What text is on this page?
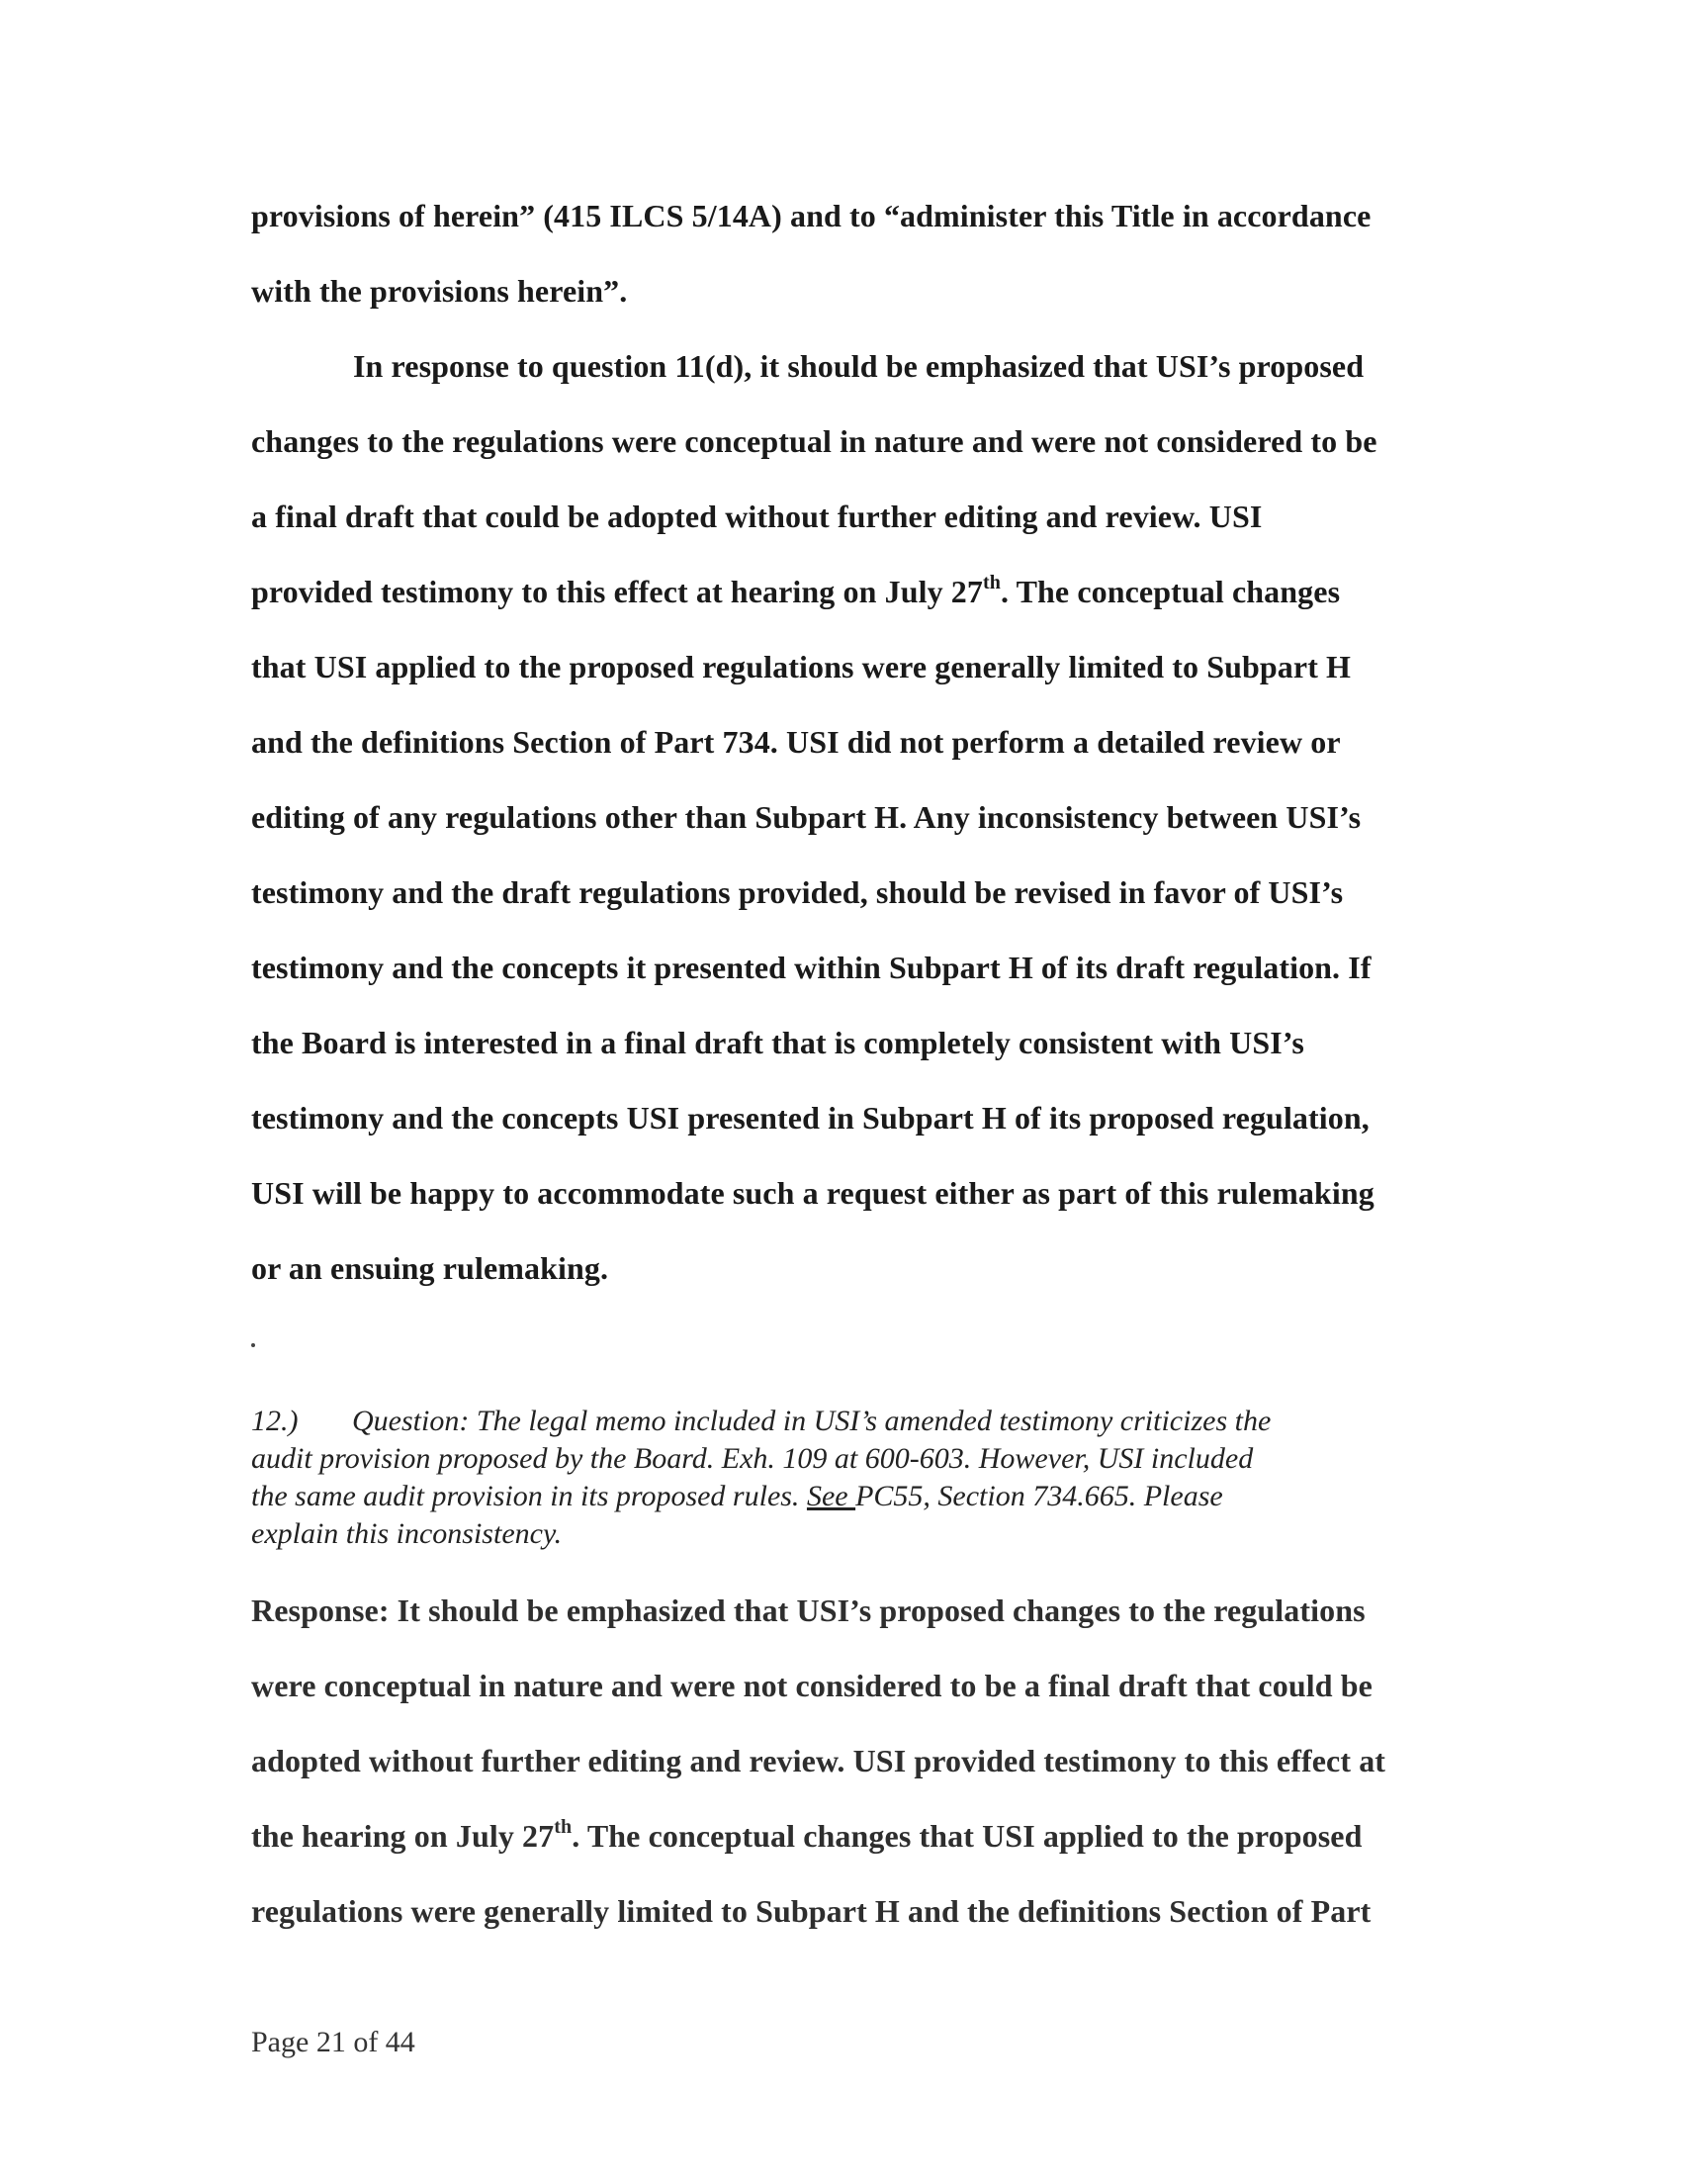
provisions of herein” (415 ILCS 5/14A) and to “administer this Title in accordance
with the provisions herein”.
In response to question 11(d), it should be emphasized that USI’s proposed
changes to the regulations were conceptual in nature and were not considered to be
a final draft that could be adopted without further editing and review. USI
provided testimony to this effect at hearing on July 27th. The conceptual changes
that USI applied to the proposed regulations were generally limited to Subpart H
and the definitions Section of Part 734. USI did not perform a detailed review or
editing of any regulations other than Subpart H. Any inconsistency between USI’s
testimony and the draft regulations provided, should be revised in favor of USI’s
testimony and the concepts it presented within Subpart H of its draft regulation. If
the Board is interested in a final draft that is completely consistent with USI’s
testimony and the concepts USI presented in Subpart H of its proposed regulation,
USI will be happy to accommodate such a request either as part of this rulemaking
or an ensuing rulemaking.
12.) Question: The legal memo included in USI’s amended testimony criticizes the
audit provision proposed by the Board. Exh. 109 at 600-603. However, USI included
the same audit provision in its proposed rules. See PC55, Section 734.665. Please
explain this inconsistency.
Response: It should be emphasized that USI’s proposed changes to the regulations
were conceptual in nature and were not considered to be a final draft that could be
adopted without further editing and review. USI provided testimony to this effect at
the hearing on July 27th. The conceptual changes that USI applied to the proposed
regulations were generally limited to Subpart H and the definitions Section of Part
Page 21 of 44
